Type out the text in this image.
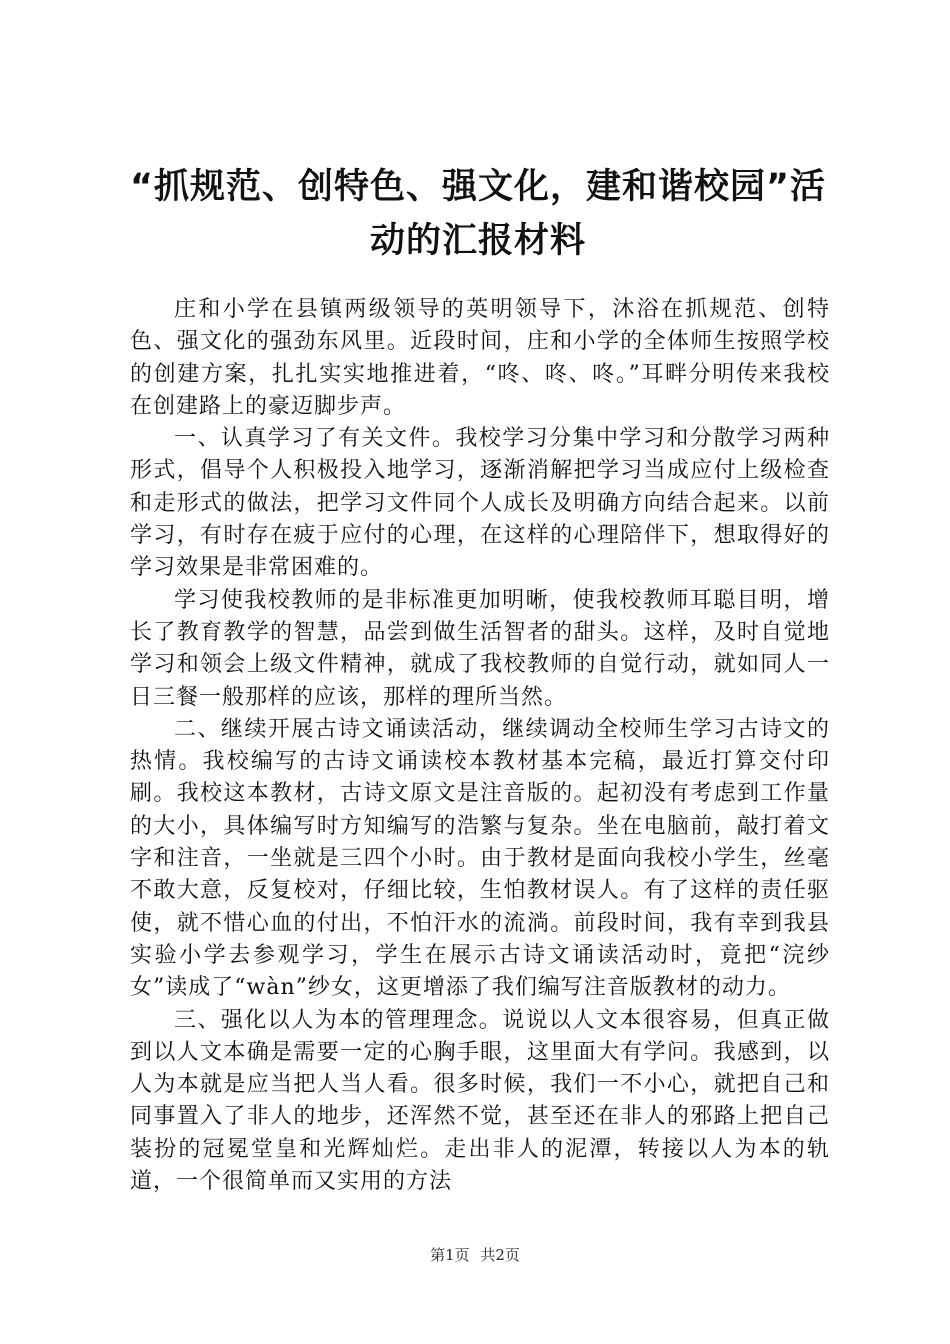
“抓规范、创特色、强文化，建和谐校园”活动的汇报材料

庄和小学在县镇两级领导的英明领导下，沐浴在抓规范、创特色、强文化的强劲东风里。近段时间，庄和小学的全体师生按照学校的创建方案，扎扎实实地推进着，“咚、咚、咚。”耳畔分明传来我校在创建路上的豪迈脚步声。

一、认真学习了有关文件。我校学习分集中学习和分散学习两种形式，倡导个人积极投入地学习，逐渐消解把学习当成应付上级检查和走形式的做法，把学习文件同个人成长及明确方向结合起来。以前学习，有时存在疲于应付的心理，在这样的心理陪伴下，想取得好的学习效果是非常困难的。

学习使我校教师的是非标准更加明晰，使我校教师耳聪目明，增长了教育教学的智慧，品尝到做生活智者的甜头。这样，及时自觉地学习和领会上级文件精神，就成了我校教师的自觉行动，就如同人一日三餐一般那样的应该，那样的理所当然。

二、继续开展古诗文诵读活动，继续调动全校师生学习古诗文的热情。我校编写的古诗文诵读校本教材基本完稿，最近打算交付印刷。我校这本教材，古诗文原文是注音版的。起初没有考虑到工作量的大小，具体编写时方知编写的浩繁与复杂。坐在电脑前，敲打着文字和注音，一坐就是三四个小时。由于教材是面向我校小学生，丝毫不敢大意，反复校对，仔细比较，生怕教材误人。有了这样的责任驱使，就不惜心血的付出，不怕汗水的流淌。前段时间，我有幸到我县实验小学去参观学习，学生在展示古诗文诵读活动时，竟把“浣纱女”读成了“wàn”纱女，这更增添了我们编写注音版教材的动力。

三、强化以人为本的管理理念。说说以人文本很容易，但真正做到以人文本确是需要一定的心胸手眼，这里面大有学问。我感到，以人为本就是应当把人当人看。很多时候，我们一不小心，就把自己和同事置入了非人的地步，还浑然不觉，甚至还在非人的邪路上把自己装扮的冠冕堂皇和光辉灿烂。走出非人的泥潭，转接以人为本的轨道，一个很简单而又实用的方法

第1页 共2页
